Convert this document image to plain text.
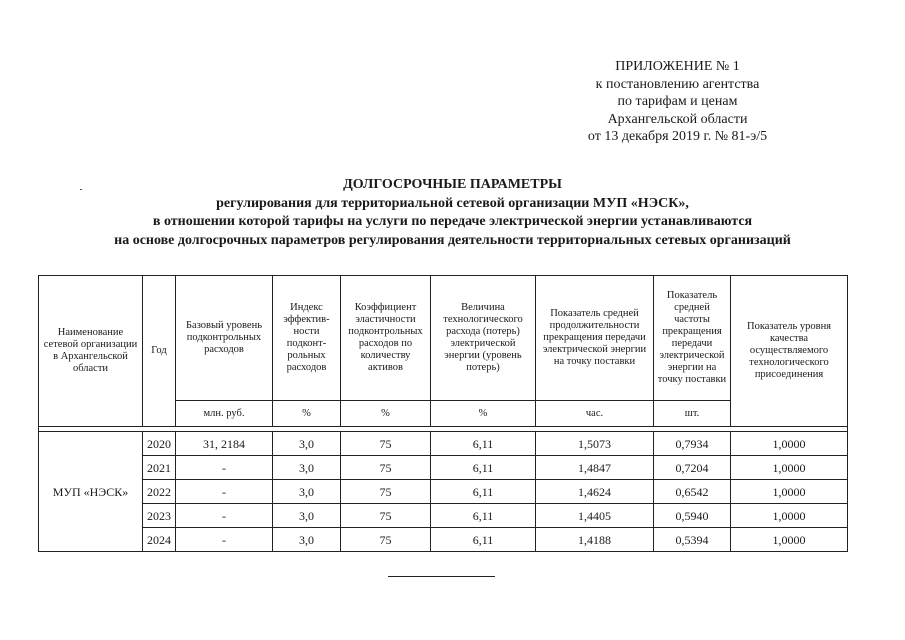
ПРИЛОЖЕНИЕ № 1
к постановлению агентства
по тарифам и ценам
Архангельской области
от 13 декабря 2019 г. № 81-э/5
ДОЛГОСРОЧНЫЕ ПАРАМЕТРЫ
регулирования для территориальной сетевой организации МУП «НЭСК»,
в отношении которой тарифы на услуги по передаче электрической энергии устанавливаются
на основе долгосрочных параметров регулирования деятельности территориальных сетевых организаций
Наименование сетевой организации в Архангельской области	Год	Базовый уровень подконтрольных расходов	Индекс эффектив-ности подконт-рольных расходов	Коэффициент эластичности подконтрольных расходов по количеству активов	Величина технологического расхода (потерь) электрической энергии (уровень потерь)	Показатель средней продолжительности прекращения передачи электрической энергии на точку поставки	Показатель средней частоты прекращения передачи электрической энергии на точку поставки	Показатель уровня качества осуществляемого технологического присоединения
		млн. руб.	%	%	%	час.	шт.	

МУП «НЭСК»	2020	31, 2184	3,0	75	6,11	1,5073	0,7934	1,0000
	2021	-	3,0	75	6,11	1,4847	0,7204	1,0000
	2022	-	3,0	75	6,11	1,4624	0,6542	1,0000
	2023	-	3,0	75	6,11	1,4405	0,5940	1,0000
	2024	-	3,0	75	6,11	1,4188	0,5394	1,0000
